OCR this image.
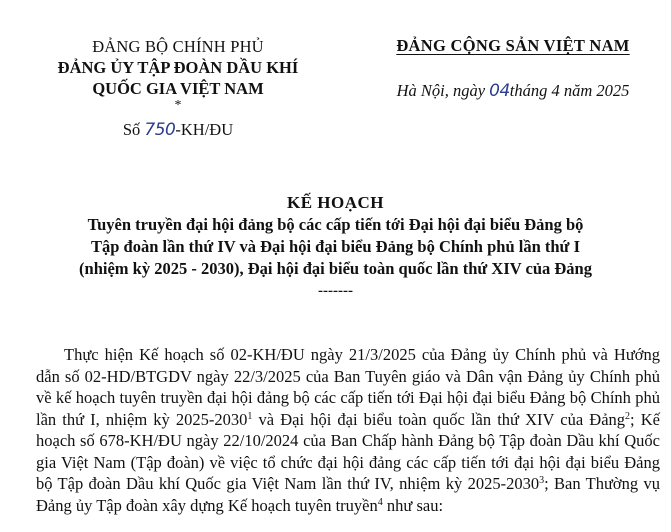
ĐẢNG BỘ CHÍNH PHỦ
ĐẢNG ỦY TẬP ĐOÀN DẦU KHÍ
QUỐC GIA VIỆT NAM
*
Số 750-KH/ĐU
ĐẢNG CỘNG SẢN VIỆT NAM
Hà Nội, ngày 04tháng 4 năm 2025
KẾ HOẠCH
Tuyên truyền đại hội đảng bộ các cấp tiến tới Đại hội đại biểu Đảng bộ
Tập đoàn lần thứ IV và Đại hội đại biểu Đảng bộ Chính phủ lần thứ I
(nhiệm kỳ 2025 - 2030), Đại hội đại biểu toàn quốc lần thứ XIV của Đảng
-------

Thực hiện Kế hoạch số 02-KH/ĐU ngày 21/3/2025 của Đảng ủy Chính phủ và Hướng dẫn số 02-HD/BTGDV ngày 22/3/2025 của Ban Tuyên giáo và Dân vận Đảng ủy Chính phủ về kế hoạch tuyên truyền đại hội đảng bộ các cấp tiến tới Đại hội đại biểu Đảng bộ Chính phủ lần thứ I, nhiệm kỳ 2025-2030$^1$ và Đại hội đại biểu toàn quốc lần thứ XIV của Đảng$^2$; Kế hoạch số 678-KH/ĐU ngày 22/10/2024 của Ban Chấp hành Đảng bộ Tập đoàn Dầu khí Quốc gia Việt Nam (Tập đoàn) về việc tổ chức đại hội đảng các cấp tiến tới đại hội đại biểu Đảng bộ Tập đoàn Dầu khí Quốc gia Việt Nam lần thứ IV, nhiệm kỳ 2025-2030$^3$; Ban Thường vụ Đảng ủy Tập đoàn xây dựng Kế hoạch tuyên truyền$^4$ như sau:
